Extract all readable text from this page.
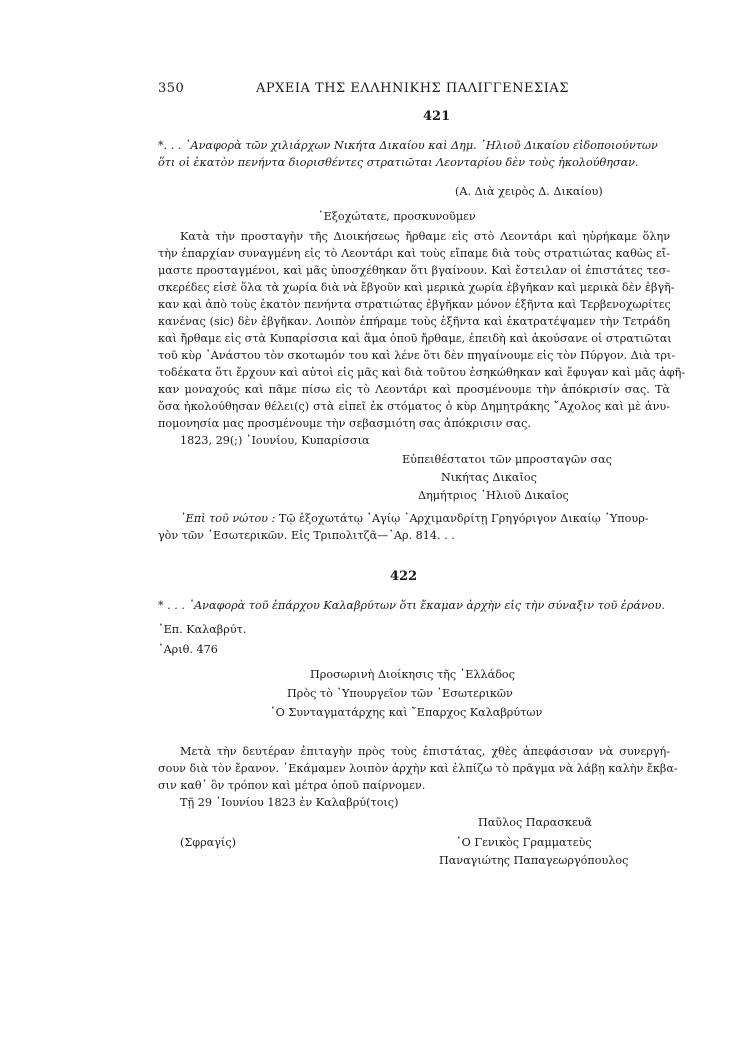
350	ΑΡΧΕΙΑ ΤΗΣ ΕΛΛΗΝΙΚΗΣ ΠΑΛΙΓΓΕΝΕΣΙΑΣ
421
*. . . ᾿Αναφορὰ τῶν χιλιάρχων Νικήτα Δικαίου καὶ Δημ. ᾿Ηλιοῦ Δικαίου εἰδοποιούντων
ὅτι οἱ ἑκατὸν πενήντα διορισθέντες στρατιῶται Λεονταρίου δὲν τοὺς ἠκολούθησαν.
(Α. Διὰ χειρὸς Δ. Δικαίου)
᾿Εξοχώτατε, προσκυνοῦμεν
Κατὰ τὴν προσταγὴν τῆς Διοικήσεως ἤρθαμε εἰς στὸ Λεοντάρι καὶ ηὑρήκαμε ὅλην
τὴν ἐπαρχίαν συναγμένη εἰς τὸ Λεοντάρι καὶ τοὺς εἴπαμε διὰ τοὺς στρατιώτας καθὼς εἴ-
μαστε προσταγμένοι, καὶ μᾶς ὑποσχέθηκαν ὅτι βγαίνουν. Καὶ ἔστειλαν οἱ ἐπιστάτες τεσ-
σκερέδες εἰσὲ ὅλα τὰ χωρία διὰ νὰ ἔβγοῦν καὶ μερικὰ χωρία ἐβγῆκαν καὶ μερικὰ δὲν ἐβγῆ-
καν καὶ ἀπὸ τοὺς ἑκατὸν πενήντα στρατιώτας ἐβγῆκαν μόνον ἑξῆντα καὶ Τερβενοχωρίτες
κανένας (sic) δὲν ἐβγῆκαν. Λοιπὸν ἐπήραμε τοὺς ἑξῆντα καὶ ἐκατρατέψαμεν τὴν Τετράδη
καὶ ἤρθαμε εἰς στὰ Κυπαρίσσια καὶ ἅμα ὁποῦ ἤρθαμε, ἐπειδὴ καὶ ἀκούσανε οἱ στρατιῶται
τοῦ κὺρ ᾿Ανάστου τὸν σκοτωμόν του καὶ λένε ὅτι δὲν πηγαίνουμε εἰς τὸν Πύργον. Διὰ τρι-
τοδέκατα ὅτι ἔρχουν καὶ αὐτοὶ εἰς μᾶς καὶ διὰ τοῦτου ἐσηκώθηκαν καὶ ἔφυγαν καὶ μᾶς ἀφῆ-
καν μοναχούς καὶ πᾶμε πίσω εἰς τὸ Λεοντάρι καὶ προσμένουμε τὴν ἀπόκρισίν σας. Τὰ
ὅσα ἠκολούθησαν θέλει(ς) στὰ εἰπεῖ ἐκ στόματος ὁ κὺρ Δημητράκης ῎Αχολος καὶ μὲ ἀνυ-
πομονησία μας προσμένουμε τὴν σεβασμιότη σας ἀπόκρισιν σας.
1823, 29(;) ᾿Ιουνίου, Κυπαρίσσια
Εὐπειθέστατοι τῶν μπροσταγῶν σας
Νικήτας Δικαῖος
Δημήτριος ᾿Ηλιοῦ Δικαῖος
᾿Επὶ τοῦ νώτου : Τῷ ἐξοχωτάτῳ ῾Αγίῳ ᾿Αρχιμανδρίτῃ Γρηγόριγον Δικαίῳ ῾Υπουρ-
γὸν τῶν ᾿Εσωτερικῶν. Εἰς Τριπολιτζᾶ—᾿Αρ. 814. . .
422
* . . . ᾿Αναφορὰ τοῦ ἐπάρχου Καλαβρύτων ὅτι ἔκαμαν ἀρχὴν εἰς τὴν σύναξιν τοῦ ἐράνου.
᾿Επ. Καλαβρύτ.
᾿Αριθ. 476
Προσωρινὴ Διοίκησις τῆς ῾Ελλάδος
Πρὸς τὸ ῾Υπουργεῖον τῶν ᾿Εσωτερικῶν
῾Ο Συνταγματάρχης καὶ ῎Επαρχος Καλαβρύτων
Μετὰ τὴν δευτέραν ἐπιταγὴν πρὸς τοὺς ἐπιστάτας, χθὲς ἀπεφάσισαν νὰ συνεργή-
σουν διὰ τὸν ἔρανον. ᾿Εκάμαμεν λοιπὸν ἀρχὴν καὶ ἐλπίζω τὸ πρᾶγμα νὰ λάβῃ καλὴν ἔκβα-
σιν καθ᾿ ὃν τρόπον καὶ μέτρα ὁποῦ παίρνομεν.
Τῇ 29 ᾿Ιουνίου 1823 ἐν Καλαβρύ(τοις)
Παῦλος Παρασκευᾶ
(Σφραγίς)	῾Ο Γενικὸς Γραμματεὺς
Παναγιώτης Παπαγεωργόπουλος
